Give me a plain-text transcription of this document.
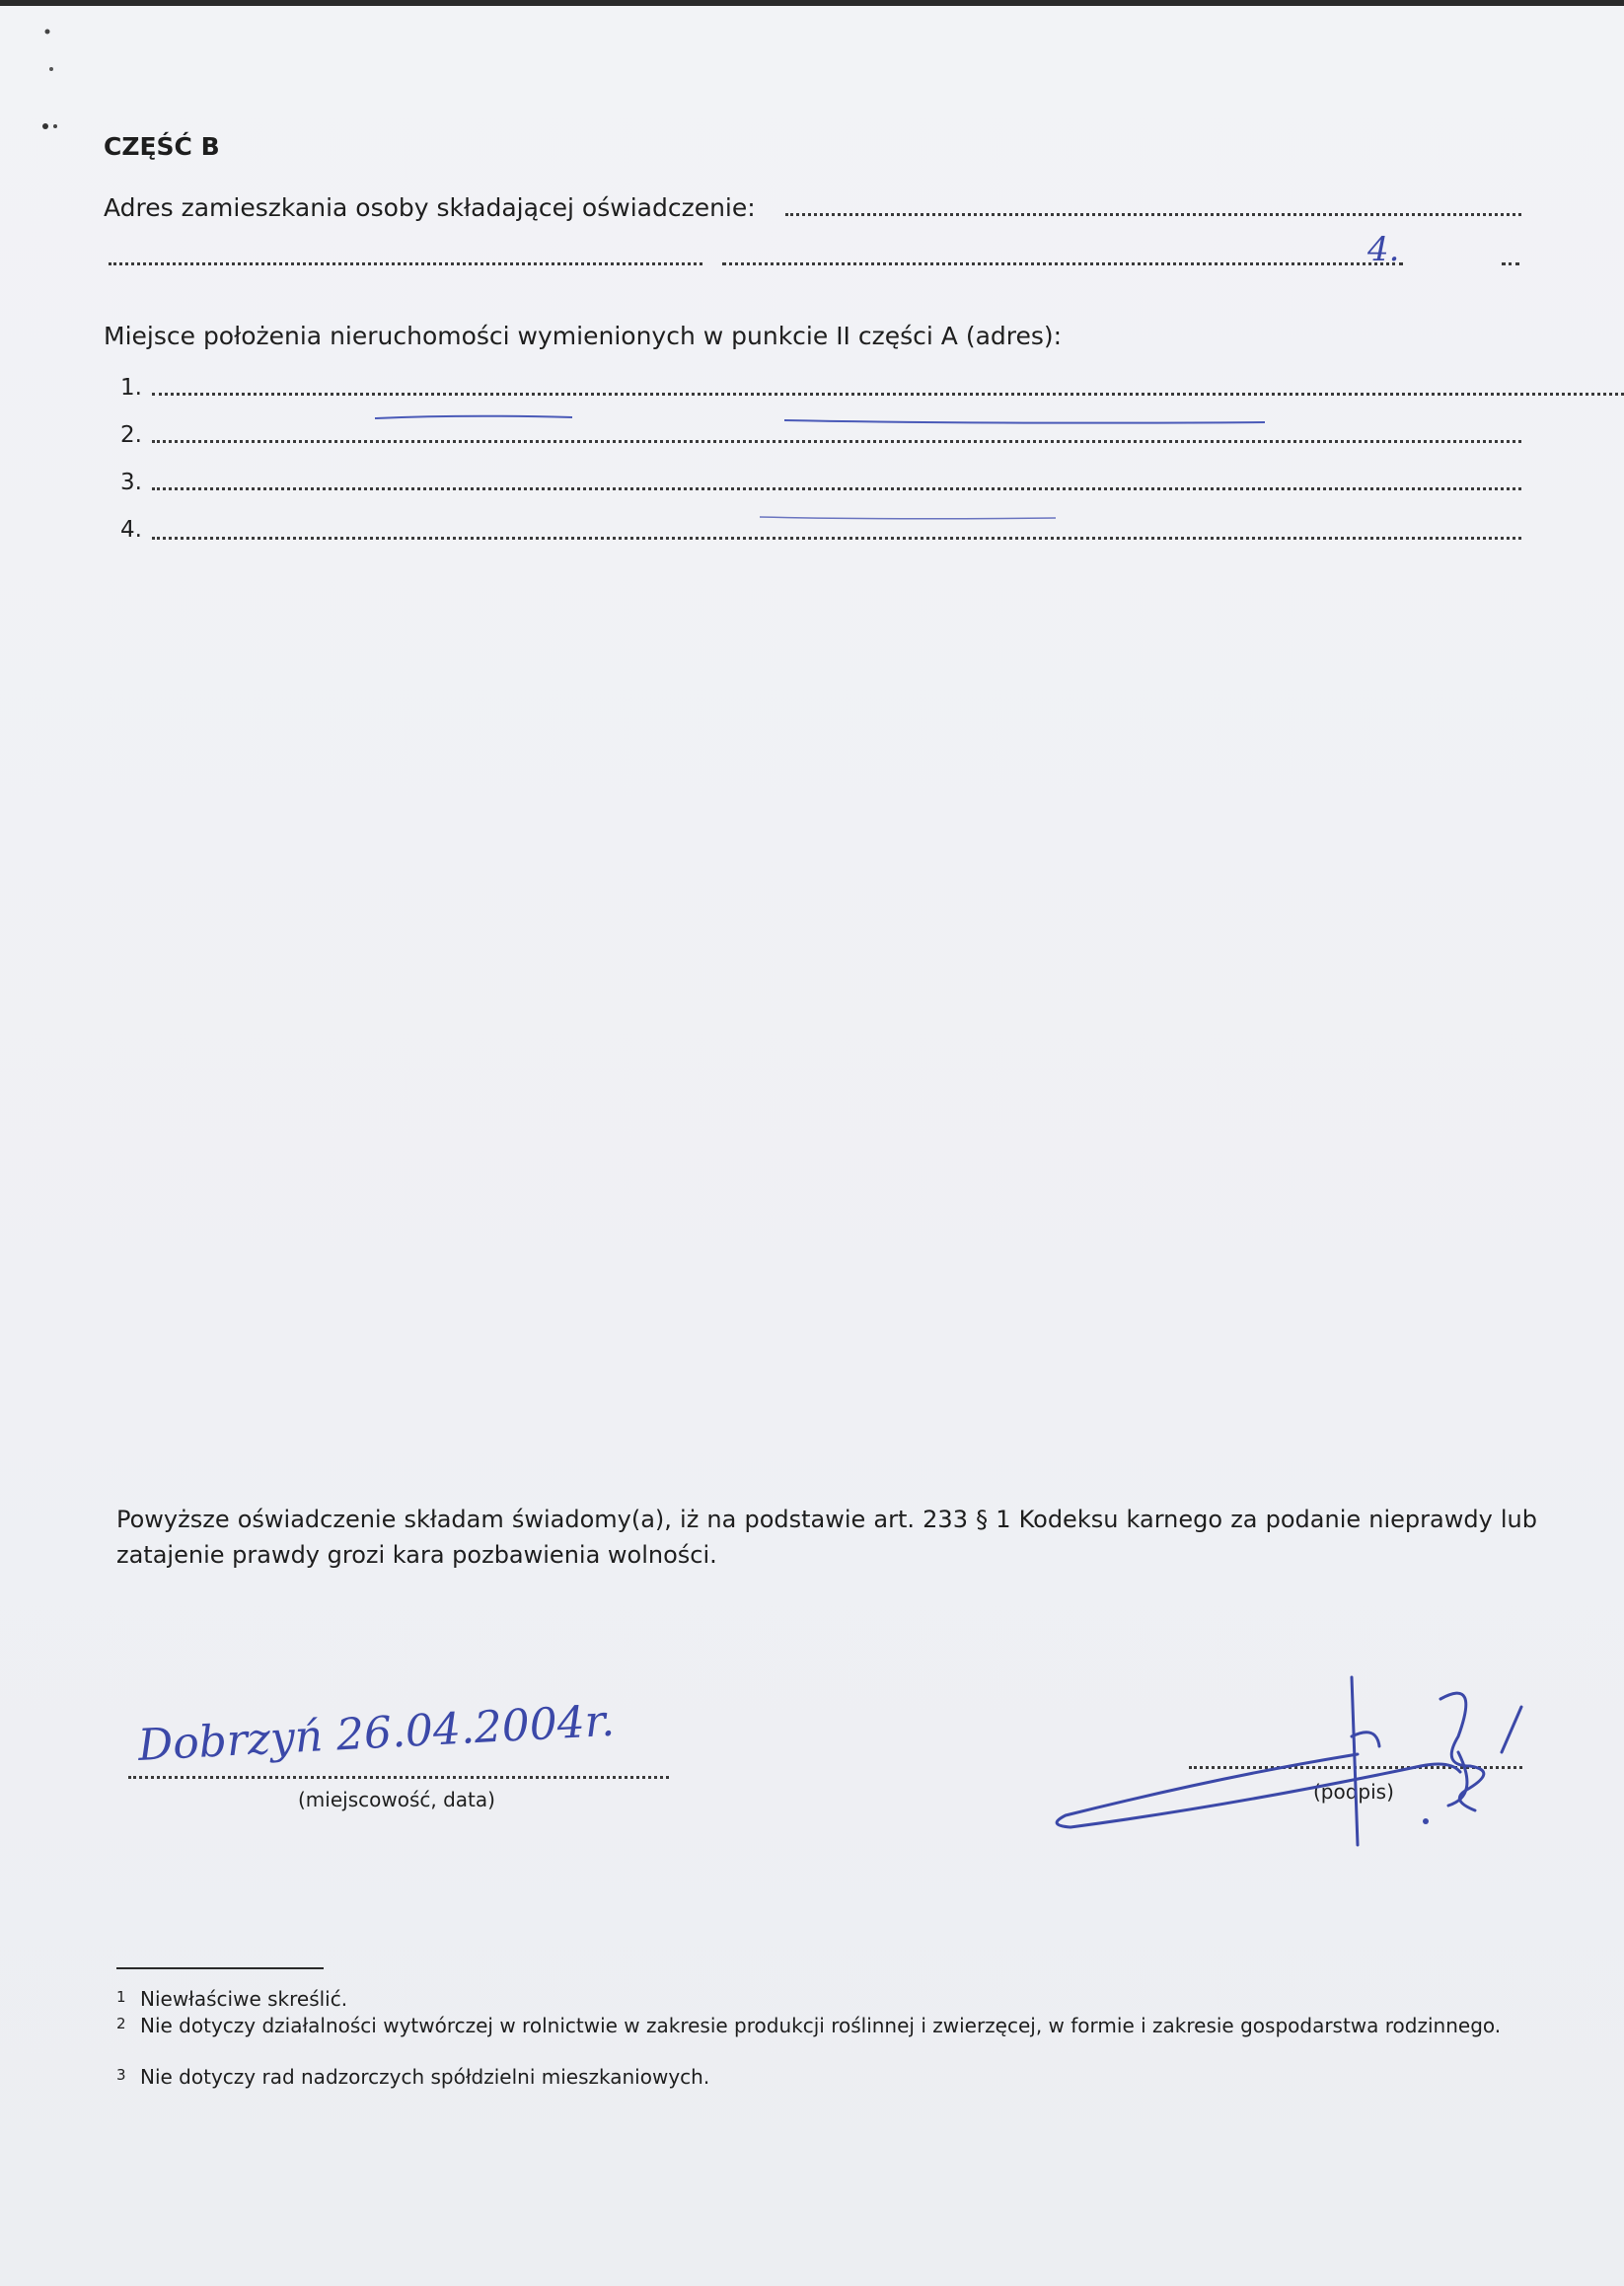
CZĘŚĆ B
Adres zamieszkania osoby składającej oświadczenie:
4.
Miejsce położenia nieruchomości wymienionych w punkcie II części A (adres):
1.
2.
3.
4.
Powyższe oświadczenie składam świadomy(a), iż na podstawie art. 233 § 1 Kodeksu karnego za podanie nieprawdy lub zatajenie prawdy grozi kara pozbawienia wolności.
Dobrzyń 26.04.2004r.
(miejscowość, data)	(podpis)
1 Niewłaściwe skreślić.
2 Nie dotyczy działalności wytwórczej w rolnictwie w zakresie produkcji roślinnej i zwierzęcej, w formie i zakresie gospodarstwa rodzinnego.
3 Nie dotyczy rad nadzorczych spółdzielni mieszkaniowych.
